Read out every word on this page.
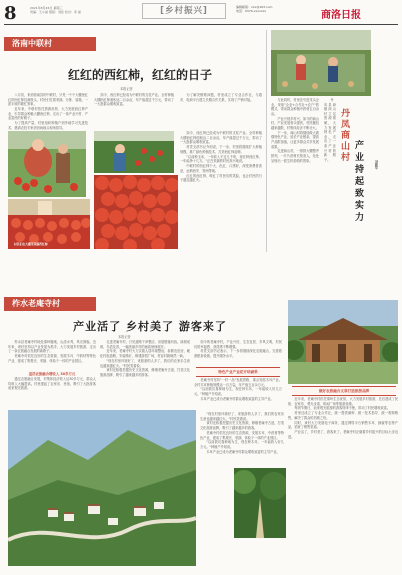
8	2021年8月26日 星期三
责编：王小丽 组版：刘佳 校对：李 丽	[乡村振兴]	编辑邮箱：xxx@163.com
电话：0379-xxxxxxx	商洛日报
洛南中联村
红红的西红柿，红红的日子
本报记者

八月初，来到洛南县的中联村，只见一个个大棚里红红的西红柿挂满枝头，村民们忙着采摘、分拣、装箱，一派丰收的繁忙景象。

近年来，中联村依托资源优势，大力发展西红柿产业，引导群众种植大棚西红柿，走出了一条产业兴村、产业富民的好路子。

为了提高产量，村里组织种植户到外地学习先进技术，邀请农技专家到田间地头现场指导。

如今，西红柿已经成为中联村的支柱产业。全村种植大棚西红柿面积达二百余亩，年产值超过千万元，带动了一大批群众增收致富。

为了解决销路问题，村里成立了专业合作社，与超市、电商平台建立长期合作关系，实现了产销对接。

如今，西红柿已经成为中联村的支柱产业。全村种植大棚西红柿面积达二百余亩，年产值超过千万元，带动了一大批群众增收致富。

村党支部书记介绍说，下一步，村里将继续扩大种植规模，推广绿色种植技术，打造西红柿品牌。

"以前种玉米，一年收入不过几千块，现在种西红柿，一年能挣十几万。"正在采摘的村民高兴地说。

中联村的西红柿个大、色红、口感好，深受消费者喜爱，远销西安、郑州等地。

红红的西红柿，映红了村民们的笑脸，也让村民的日子越过越红火。

村民们在大棚里采摘西红柿

与此同时，村里还引进龙头企业，采取"企业+合作社+农户"的模式，带动群众种植中药材五百余亩。

产业兴则乡村兴。如今的商山村，产业发展势头强劲，村民腰包越来越鼓，村集体经济不断壮大。

下一步，商山村将继续做大做强特色产业，延长产业链条，提高产品附加值，让更多群众共享发展成果。

走进商山村，一排排大棚整齐排列，一片片药材长势喜人，处处呈现出一派生机勃勃的景象。	丹凤商山村
产业持起致实力	刘新军

丹凤县商镇商山村立足资源禀赋，大力发展特色产业，走出了一条产业兴村的新路子。

柞水老庵寺村
产业活了 乡村美了 游客来了
本报记者

柞水县老庵寺村地处秦岭腹地，山清水秀，风光旖旎。近年来，该村坚持以产业发展为抓手，大力发展乡村旅游，走出了一条农旅融合发展的新路子。

老庵寺村依托良好的生态资源，发展木耳、中药材等特色产业，建成了集观光、采摘、体验于一体的产业园区。

盘活农旅融合增收入 30多万元

通过农旅融合发展，村集体经济收入达30多万元，群众人均收入大幅提高。村里建起了农家乐、民宿，吸引了大批游客前来观光旅游。

走进老庵寺村，只见道路干净整洁，房屋错落有致，绿树成荫，鸟语花香，一幅美丽乡村的画卷徐徐展开。

近年来，老庵寺村大力实施人居环境整治，拆除危旧房，硬化村组道路，安装路灯，修建游园广场，村容村貌焕然一新。

"现在村里环境好了，来旅游的人多了，我们的农家乐生意也越来越红火。"村民笑着说。

该村还积极挖掘历史文化资源，修缮老庵寺古迹，打造文化旅游品牌，吸引了越来越多的游客。

如今的老庵寺村，产业兴旺、生态宜居、乡风文明，村民们的幸福感、获得感不断增强。

村党支部书记表示，下一步将继续深化农旅融合，完善旅游配套设施，提升服务水平。

特色产业产业花开结硕果

老庵寺村坚持"一村一品"发展思路，重点发展木耳产业。全村木耳种植规模达一百万袋，年产值五百余万元。

"以前我们靠种地为生，现在种木耳，一年能收入好几万元。"种植户介绍说。

木耳产业已成为老庵寺村群众增收致富的主导产业。

做好农旅融合文章打造旅游品牌

近年来，老庵寺村依托秦岭生态优势，大力发展乡村旅游，先后建成了民宿、农家乐、观光步道、休闲广场等旅游设施。

每到节假日，前来观光旅游的游客络绎不绝，带动了村民增收致富。

村里还成立了专业合作社，统一提供菌种、统一技术指导、统一收购销售，解决了群众的后顾之忧。

同时，该村大力发展电子商务，通过网络平台销售木耳、蜂蜜等农特产品，拓宽了销售渠道。

产业活了，乡村美了，游客来了，老庵寺村正朝着乡村振兴的目标大步迈进。

"现在村里环境好了，来旅游的人多了，我们的农家乐生意也越来越红火。"村民笑着说。

该村还积极挖掘历史文化资源，修缮老庵寺古迹，打造文化旅游品牌，吸引了越来越多的游客。

老庵寺村依托良好的生态资源，发展木耳、中药材等特色产业，建成了集观光、采摘、体验于一体的产业园区。

"以前我们靠种地为生，现在种木耳，一年能收入好几万元。"种植户介绍说。

木耳产业已成为老庵寺村群众增收致富的主导产业。
